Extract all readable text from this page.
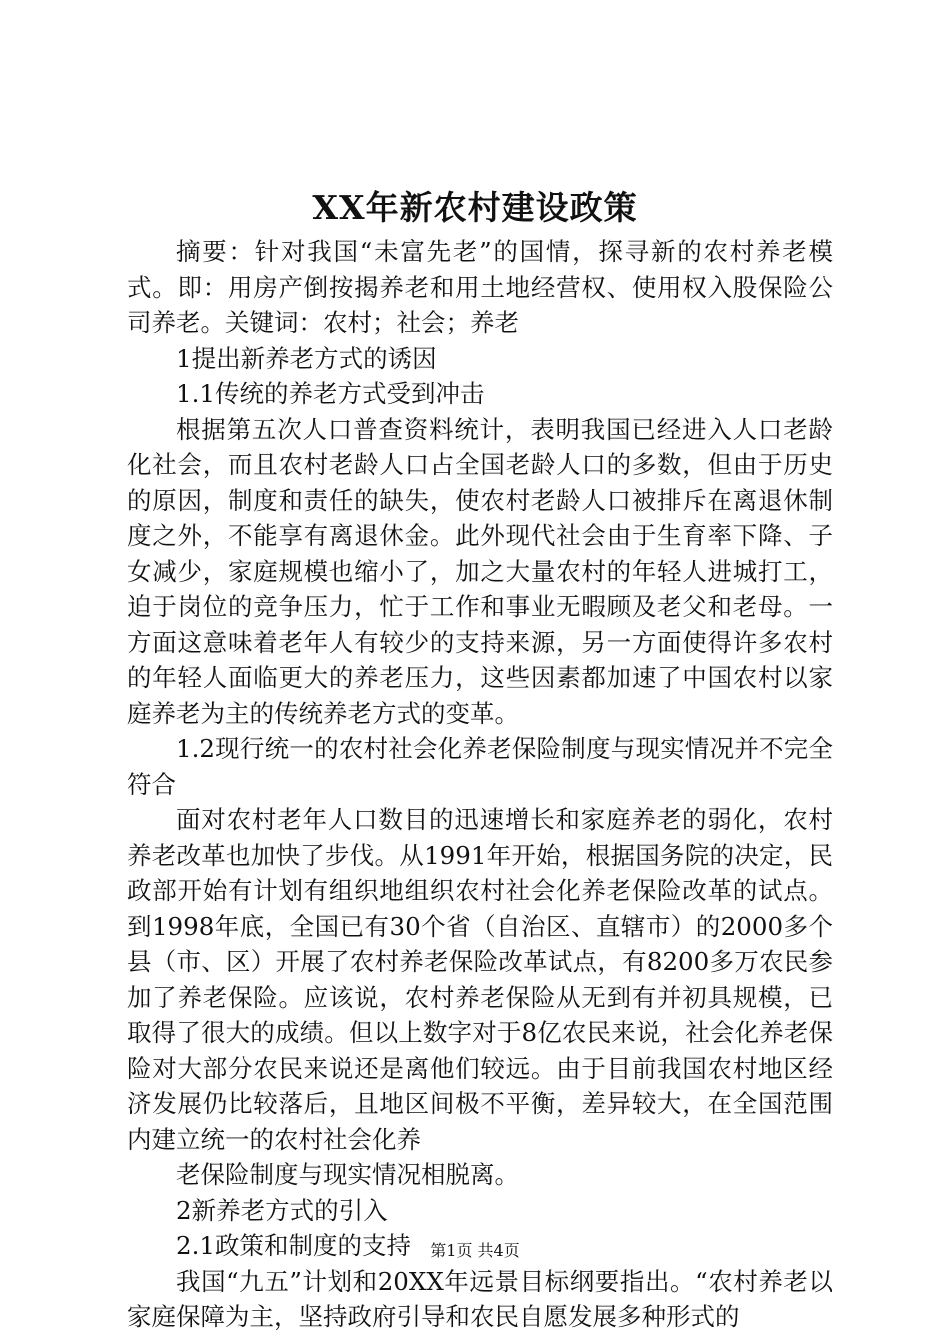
XX年新农村建设政策

摘要：针对我国“未富先老”的国情，探寻新的农村养老模式。即：用房产倒按揭养老和用土地经营权、使用权入股保险公司养老。关键词：农村；社会；养老

1提出新养老方式的诱因

1.1传统的养老方式受到冲击

根据第五次人口普查资料统计，表明我国已经进入人口老龄化社会，而且农村老龄人口占全国老龄人口的多数，但由于历史的原因，制度和责任的缺失，使农村老龄人口被排斥在离退休制度之外，不能享有离退休金。此外现代社会由于生育率下降、子女减少，家庭规模也缩小了，加之大量农村的年轻人进城打工，迫于岗位的竞争压力，忙于工作和事业无暇顾及老父和老母。一方面这意味着老年人有较少的支持来源，另一方面使得许多农村的年轻人面临更大的养老压力，这些因素都加速了中国农村以家庭养老为主的传统养老方式的变革。

1.2现行统一的农村社会化养老保险制度与现实情况并不完全符合

面对农村老年人口数目的迅速增长和家庭养老的弱化，农村养老改革也加快了步伐。从1991年开始，根据国务院的决定，民政部开始有计划有组织地组织农村社会化养老保险改革的试点。到1998年底，全国已有30个省（自治区、直辖市）的2000多个县（市、区）开展了农村养老保险改革试点，有8200多万农民参加了养老保险。应该说，农村养老保险从无到有并初具规模，已取得了很大的成绩。但以上数字对于8亿农民来说，社会化养老保险对大部分农民来说还是离他们较远。由于目前我国农村地区经济发展仍比较落后，且地区间极不平衡，差异较大，在全国范围内建立统一的农村社会化养

老保险制度与现实情况相脱离。

2新养老方式的引入

2.1政策和制度的支持

我国“九五”计划和20XX年远景目标纲要指出。“农村养老以家庭保障为主，坚持政府引导和农民自愿发展多种形式的

第1页 共4页
